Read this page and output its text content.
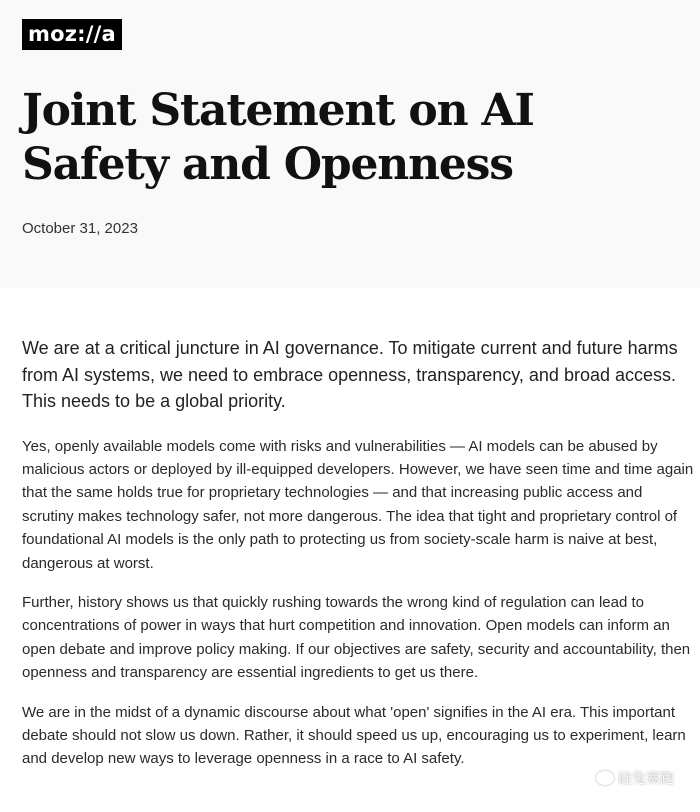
moz://a
Joint Statement on AI Safety and Openness
October 31, 2023

We are at a critical juncture in AI governance. To mitigate current and future harms from AI systems, we need to embrace openness, transparency, and broad access. This needs to be a global priority.

Yes, openly available models come with risks and vulnerabilities — AI models can be abused by malicious actors or deployed by ill-equipped developers. However, we have seen time and time again that the same holds true for proprietary technologies — and that increasing public access and scrutiny makes technology safer, not more dangerous. The idea that tight and proprietary control of foundational AI models is the only path to protecting us from society-scale harm is naive at best, dangerous at worst.

Further, history shows us that quickly rushing towards the wrong kind of regulation can lead to concentrations of power in ways that hurt competition and innovation. Open models can inform an open debate and improve policy making. If our objectives are safety, security and accountability, then openness and transparency are essential ingredients to get us there.

We are in the midst of a dynamic discourse about what 'open' signifies in the AI era. This important debate should not slow us down. Rather, it should speed us up, encouraging us to experiment, learn and develop new ways to leverage openness in a race to AI safety.

硅兔赛跑
